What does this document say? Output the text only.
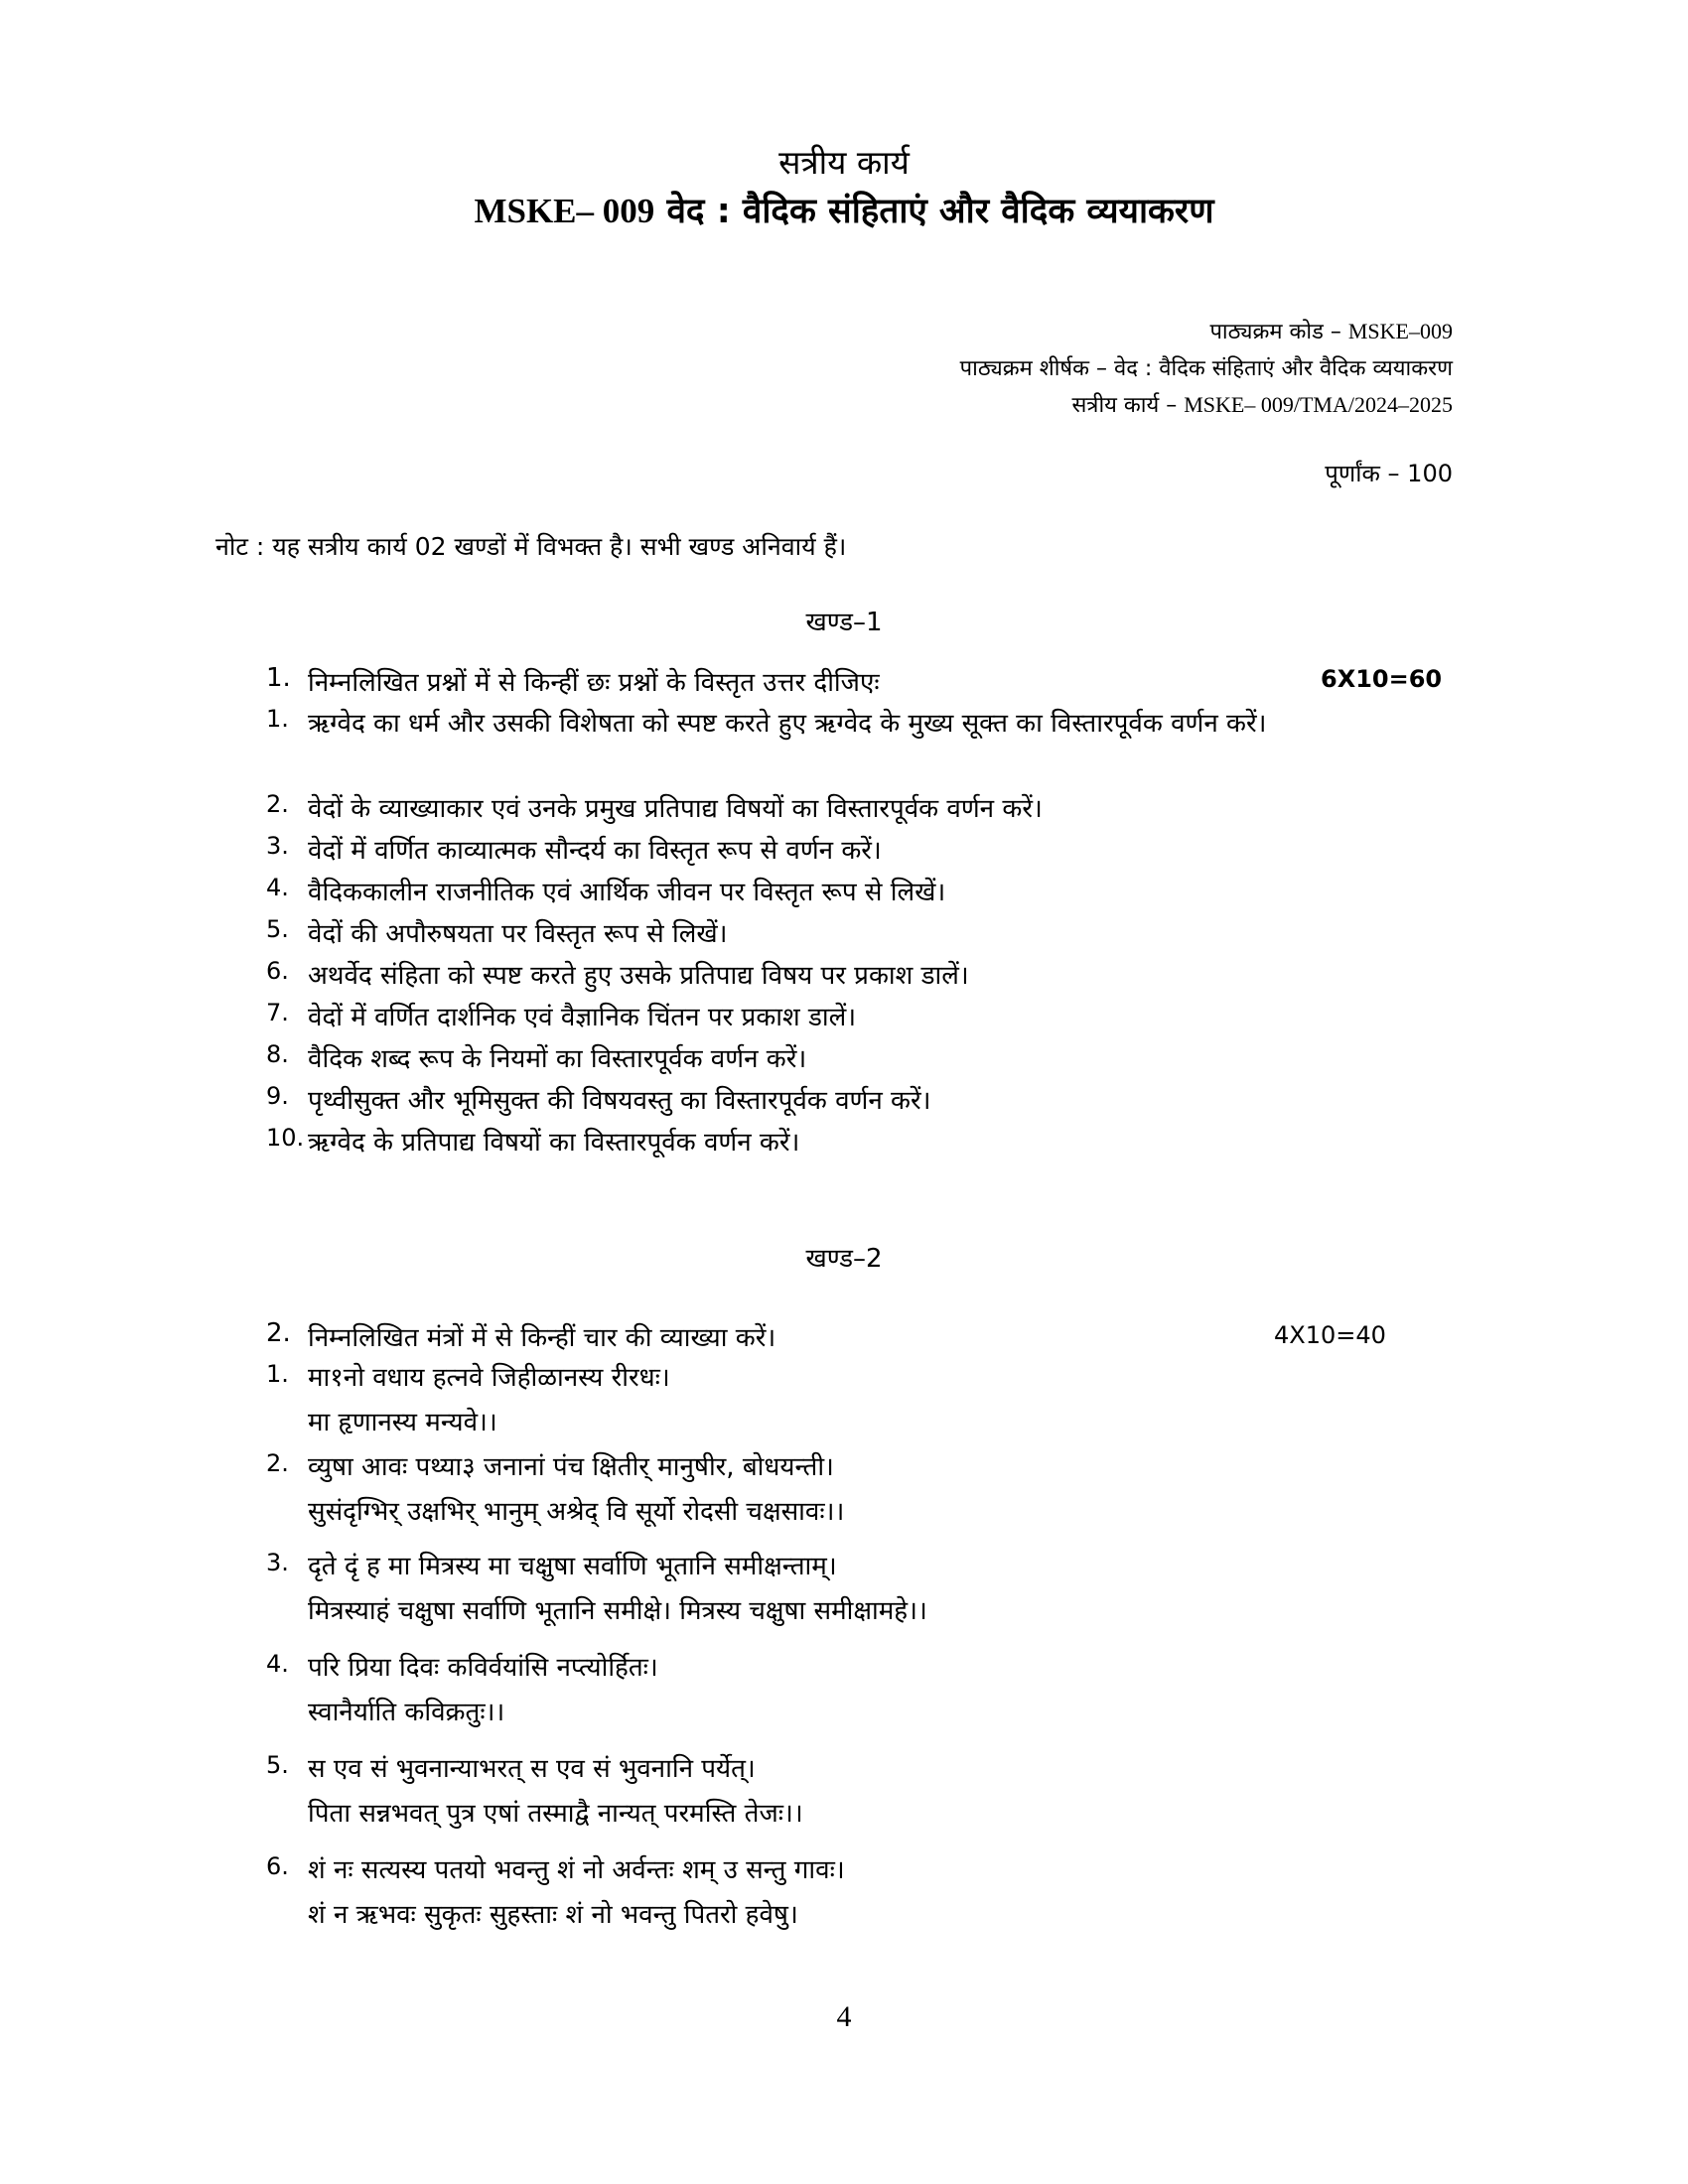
सत्रीय कार्य
MSKE– 009 वेद : वैदिक संहिताएं और वैदिक व्ययाकरण
पाठ्यक्रम कोड – MSKE–009
पाठ्यक्रम शीर्षक – वेद : वैदिक संहिताएं और वैदिक व्ययाकरण
सत्रीय कार्य – MSKE– 009/TMA/2024–2025
पूर्णांक – 100
नोट : यह सत्रीय कार्य 02 खण्डों में विभक्त है। सभी खण्ड अनिवार्य हैं।
खण्ड–1
1. निम्नलिखित प्रश्नों में से किन्हीं छः प्रश्नों के विस्तृत उत्तर दीजिएः	6X10=60
1. ऋग्वेद का धर्म और उसकी विशेषता को स्पष्ट करते हुए ऋग्वेद के मुख्य सूक्त का विस्तारपूर्वक वर्णन करें।
2. वेदों के व्याख्याकार एवं उनके प्रमुख प्रतिपाद्य विषयों का विस्तारपूर्वक वर्णन करें।
3. वेदों में वर्णित काव्यात्मक सौन्दर्य का विस्तृत रूप से वर्णन करें।
4. वैदिककालीन राजनीतिक एवं आर्थिक जीवन पर विस्तृत रूप से लिखें।
5. वेदों की अपौरुषयता पर विस्तृत रूप से लिखें।
6. अथर्वेद संहिता को स्पष्ट करते हुए उसके प्रतिपाद्य विषय पर प्रकाश डालें।
7. वेदों में वर्णित दार्शनिक एवं वैज्ञानिक चिंतन पर प्रकाश डालें।
8. वैदिक शब्द रूप के नियमों का विस्तारपूर्वक वर्णन करें।
9. पृथ्वीसुक्त और भूमिसुक्त की विषयवस्तु का विस्तारपूर्वक वर्णन करें।
10. ऋग्वेद के प्रतिपाद्य विषयों का विस्तारपूर्वक वर्णन करें।
खण्ड–2
2. निम्नलिखित मंत्रों में से किन्हीं चार की व्याख्या करें।	4X10=40
1. मा१नो वधाय हत्नवे जिहीळानस्य रीरधः।
मा हृणानस्य मन्यवे।।
2. व्युषा आवः पथ्या३ जनानां पंच क्षितीर् मानुषीर, बोधयन्ती।
सुसंदृग्भिर् उक्षभिर् भानुम् अश्रेद् वि सूर्यो रोदसी चक्षसावः।।
3. दृते दृं ह मा मित्रस्य मा चक्षुषा सर्वाणि भूतानि समीक्षन्ताम्।
मित्रस्याहं चक्षुषा सर्वाणि भूतानि समीक्षे। मित्रस्य चक्षुषा समीक्षामहे।।
4. परि प्रिया दिवः कविर्वयांसि नप्त्योर्हितः।
स्वानैर्याति कविक्रतुः।।
5. स एव सं भुवनान्याभरत् स एव सं भुवनानि पर्येत्।
पिता सन्नभवत् पुत्र एषां तस्माद्वै नान्यत् परमस्ति तेजः।।
6. शं नः सत्यस्य पतयो भवन्तु शं नो अर्वन्तः शम् उ सन्तु गावः।
शं न ऋभवः सुकृतः सुहस्ताः शं नो भवन्तु पितरो हवेषु।
4
